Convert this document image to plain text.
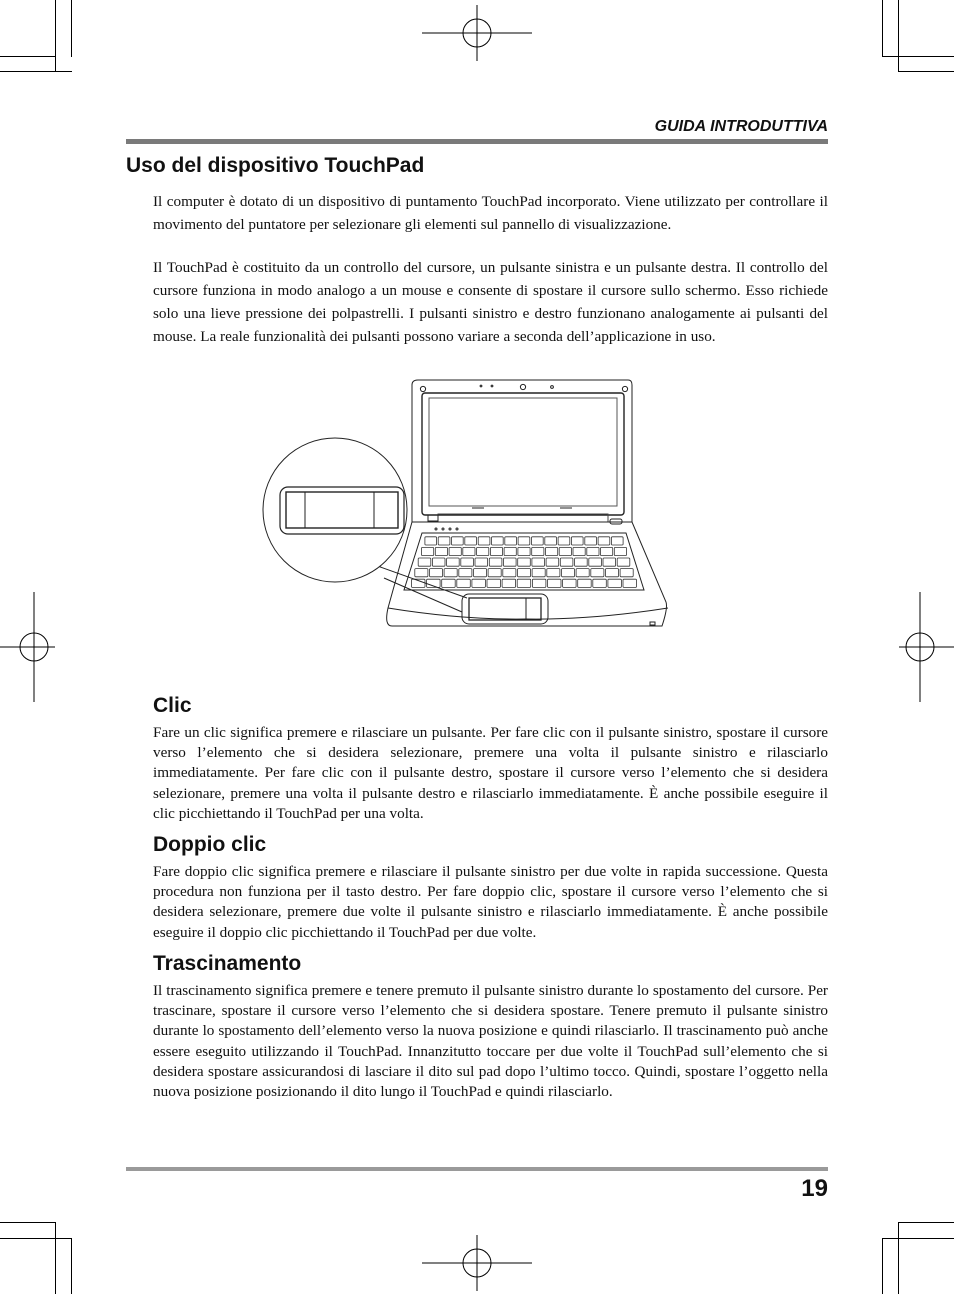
GUIDA INTRODUTTIVA
Uso del dispositivo TouchPad

Il computer è dotato di un dispositivo di puntamento TouchPad incorporato. Viene utilizzato per controllare il movimento del puntatore per selezionare gli elementi sul pannello di visualizzazione.

Il TouchPad è costituito da un controllo del cursore, un pulsante sinistra e un pulsante destra. Il controllo del cursore funziona in modo analogo a un mouse e consente di spostare il cursore sullo schermo. Esso richiede solo una lieve pressione dei polpastrelli. I pulsanti sinistro e destro funzionano analogamente ai pulsanti del mouse. La reale funzionalità dei pulsanti possono variare a seconda dell’applicazione in uso.

Clic

Fare un clic significa premere e rilasciare un pulsante. Per fare clic con il pulsante sinistro, spostare il cursore verso l’elemento che si desidera selezionare, premere una volta il pulsante sinistro e rilasciarlo immediatamente. Per fare clic con il pulsante destro, spostare il cursore verso l’elemento che si desidera selezionare, premere una volta il pulsante destro e rilasciarlo immediatamente. È anche possibile eseguire il clic picchiettando il TouchPad per una volta.

Doppio clic

Fare doppio clic significa premere e rilasciare il pulsante sinistro per due volte in rapida successione. Questa procedura non funziona per il tasto destro. Per fare doppio clic, spostare il cursore verso l’elemento che si desidera selezionare, premere due volte il pulsante sinistro e rilasciarlo immediatamente. È anche possibile eseguire il doppio clic picchiettando il TouchPad per due volte.

Trascinamento

Il trascinamento significa premere e tenere premuto il pulsante sinistro durante lo spostamento del cursore. Per trascinare, spostare il cursore verso l’elemento che si desidera spostare. Tenere premuto il pulsante sinistro durante lo spostamento dell’elemento verso la nuova posizione e quindi rilasciarlo. Il trascinamento può anche essere eseguito utilizzando il TouchPad. Innanzitutto toccare per due volte il TouchPad sull’elemento che si desidera spostare assicurandosi di lasciare il dito sul pad dopo l’ultimo tocco. Quindi, spostare l’oggetto nella nuova posizione posizionando il dito lungo il TouchPad e quindi rilasciarlo.

19
